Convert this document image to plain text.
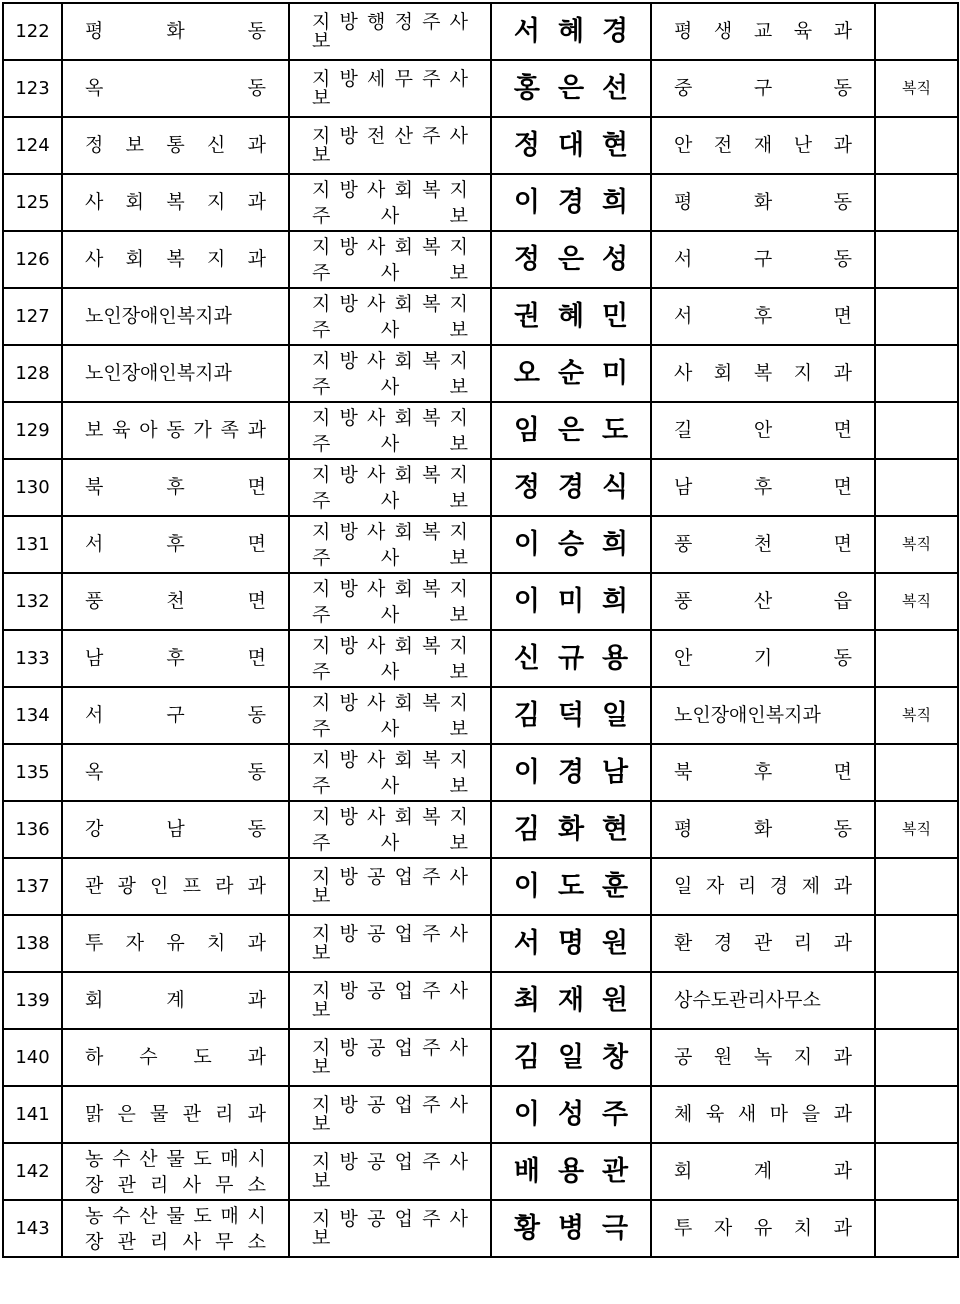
122	평 화 동	지 방 행 정 주 사 보	서혜경	평 생 교 육 과	

123	옥 동	지 방 세 무 주 사 보	홍은선	중 구 동	복직
124	정 보 통 신 과	지 방 전 산 주 사 보	정대현	안 전 재 난 과	

125	사 회 복 지 과	지 방 사 회 복 지
주 사 보	이경희	평 화 동	

126	사 회 복 지 과	지 방 사 회 복 지
주 사 보	정은성	서 구 동	

127	노인장애인복지과	지 방 사 회 복 지
주 사 보	권혜민	서 후 면	

128	노인장애인복지과	지 방 사 회 복 지
주 사 보	오순미	사 회 복 지 과	

129	보 육 아 동 가 족 과	지 방 사 회 복 지
주 사 보	임은도	길 안 면	

130	북 후 면	지 방 사 회 복 지
주 사 보	정경식	남 후 면	

131	서 후 면	지 방 사 회 복 지
주 사 보	이승희	풍 천 면	복직
132	풍 천 면	지 방 사 회 복 지
주 사 보	이미희	풍 산 읍	복직
133	남 후 면	지 방 사 회 복 지
주 사 보	신규용	안 기 동	

134	서 구 동	지 방 사 회 복 지
주 사 보	김덕일	노인장애인복지과	복직
135	옥 동	지 방 사 회 복 지
주 사 보	이경남	북 후 면	

136	강 남 동	지 방 사 회 복 지
주 사 보	김화현	평 화 동	복직
137	관 광 인 프 라 과	지 방 공 업 주 사 보	이도훈	일 자 리 경 제 과	

138	투 자 유 치 과	지 방 공 업 주 사 보	서명원	환 경 관 리 과	

139	회 계 과	지 방 공 업 주 사 보	최재원	상수도관리사무소	
140	하 수 도 과	지 방 공 업 주 사 보	김일창	공 원 녹 지 과	

141	맑 은 물 관 리 과	지 방 공 업 주 사 보	이성주	체 육 새 마 을 과	

142	농 수 산 물 도 매 시
장 관 리 사 무 소	지 방 공 업 주 사 보	배용관	회 계 과	

143	농 수 산 물 도 매 시
장 관 리 사 무 소	지 방 공 업 주 사 보	황병극	투 자 유 치 과	
